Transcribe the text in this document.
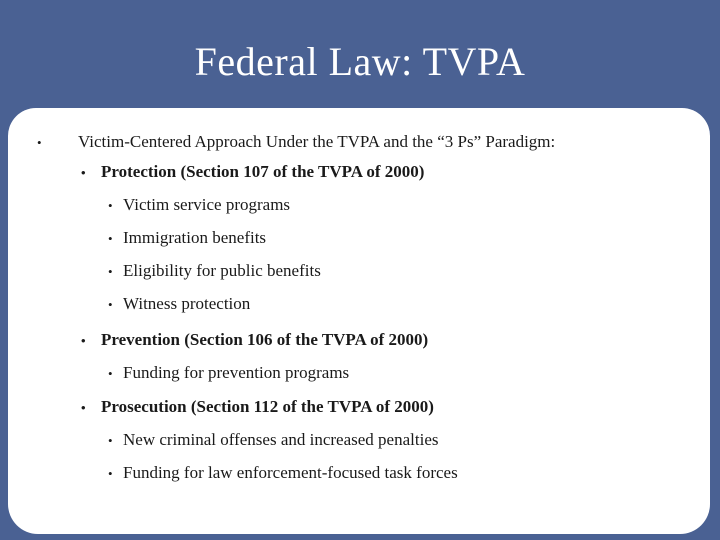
Federal Law: TVPA
•	Victim-Centered Approach Under the TVPA and the “3 Ps” Paradigm:
• Protection (Section 107 of the TVPA of 2000)
• Victim service programs
• Immigration benefits
• Eligibility for public benefits
• Witness protection
• Prevention (Section 106 of the TVPA of 2000)
• Funding for prevention programs
• Prosecution (Section 112 of the TVPA of 2000)
• New criminal offenses and increased penalties
• Funding for law enforcement-focused task forces
